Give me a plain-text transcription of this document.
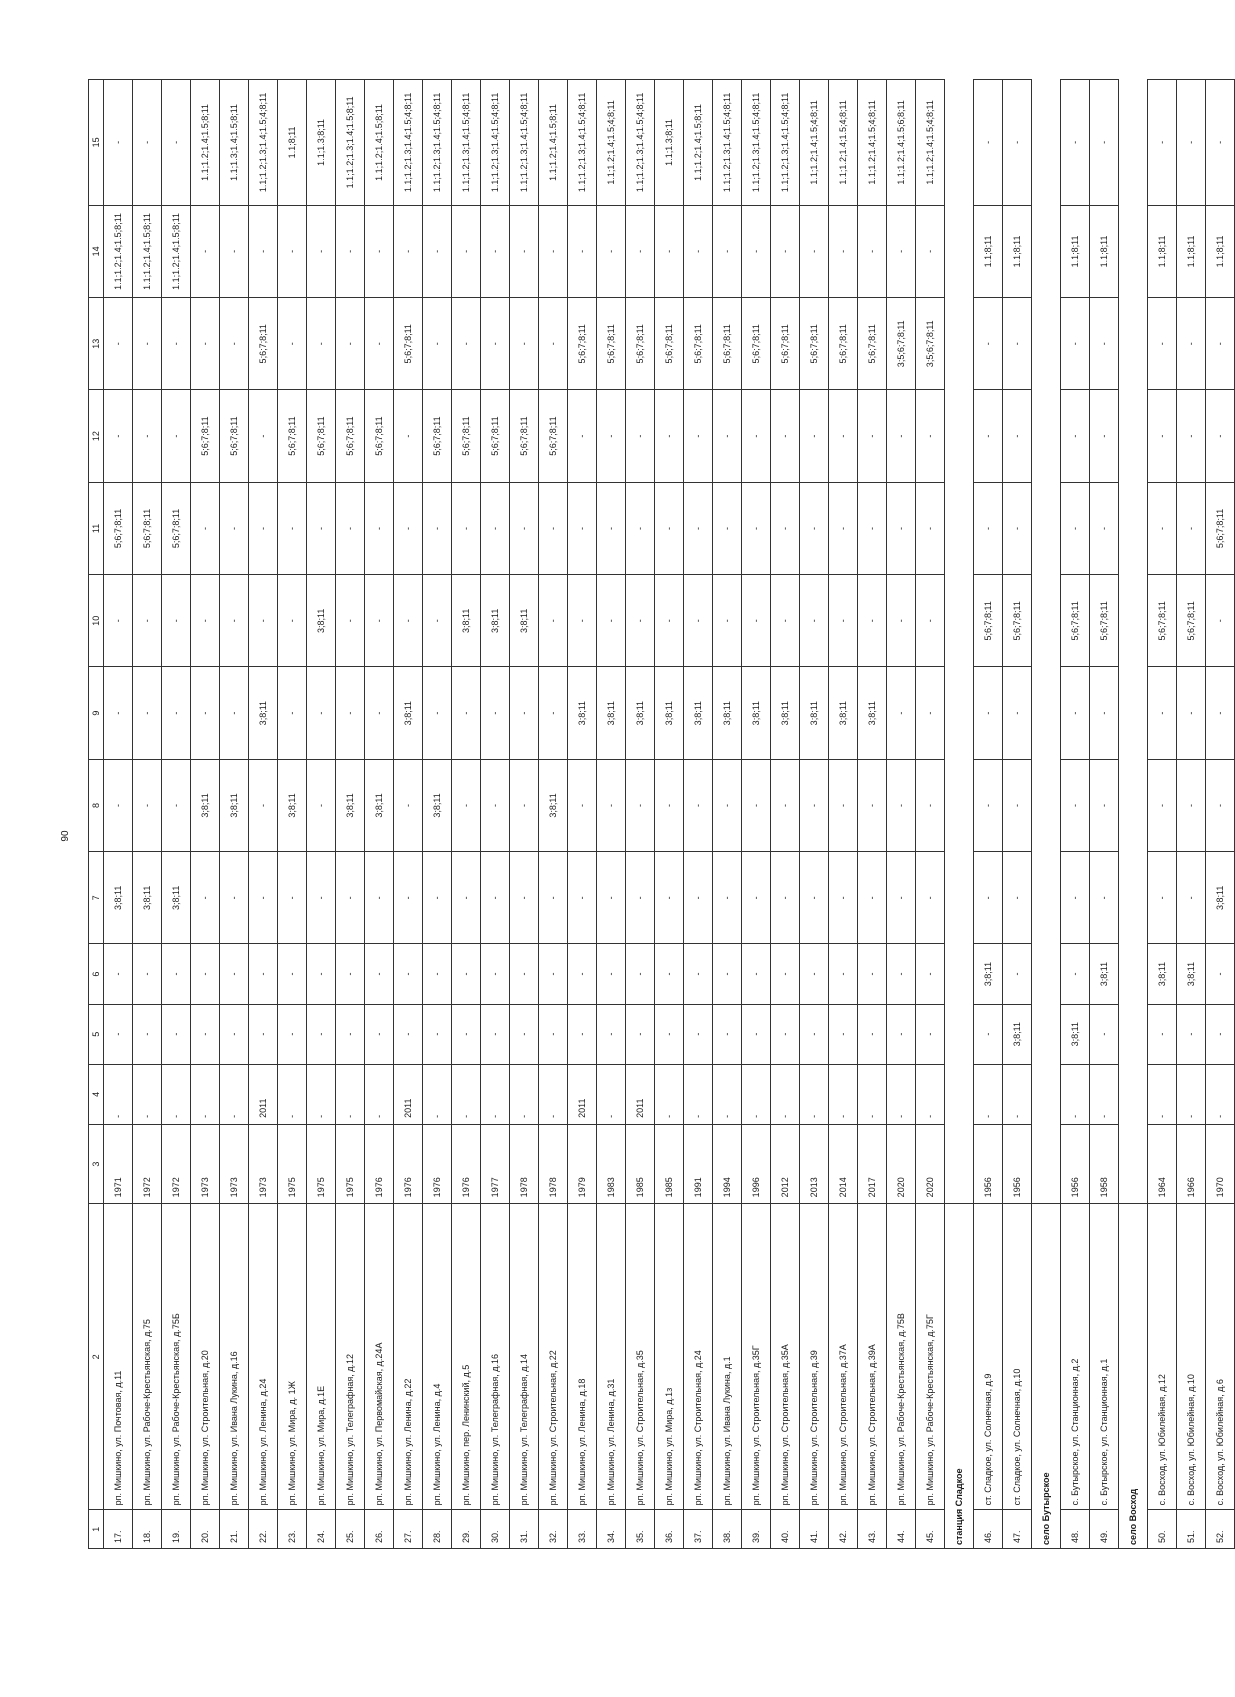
90
1	2	3	4	5	6	7	8	9	10	11	12	13	14	15
17.	рп. Мишкино, ул. Почтовая, д.11	1971	-	-	-	3;8;11	-	-	-	5;6;7;8;11	-	-	1.1;1.2;1.4;1.5;8;11	-
18.	рп. Мишкино, ул. Рабоче-Крестьянская, д.75	1972	-	-	-	3;8;11	-	-	-	5;6;7;8;11	-	-	1.1;1.2;1.4;1.5;8;11	-
19.	рп. Мишкино, ул. Рабоче-Крестьянская, д.75Б	1972	-	-	-	3;8;11	-	-	-	5;6;7;8;11	-	-	1.1;1.2;1.4;1.5;8;11	-
20.	рп. Мишкино, ул. Строительная, д.20	1973	-	-	-	-	3;8;11	-	-	-	5;6;7;8;11	-	-	1.1;1.2;1.4;1.5;8;11
21.	рп. Мишкино, ул. Ивана Лукина, д.16	1973	-	-	-	-	3;8;11	-	-	-	5;6;7;8;11	-	-	1.1;1.3;1.4;1.5;8;11
22.	рп. Мишкино, ул. Ленина, д.24	1973	2011	-	-	-	-	3;8;11	-	-	-	5;6;7;8;11	-	1.1;1.2;1.3;1.4;1.5;4;8;11
23.	рп. Мишкино, ул. Мира, д. 1Ж	1975	-	-	-	-	3;8;11	-	-	-	5;6;7;8;11	-	-	1.1;8;11
24.	рп. Мишкино, ул. Мира, д.1Е	1975	-	-	-	-	-	-	3;8;11	-	5;6;7;8;11	-	-	1.1;1.3;8;11
25.	рп. Мишкино, ул. Телеграфная, д.12	1975	-	-	-	-	3;8;11	-	-	-	5;6;7;8;11	-	-	1.1;1.2;1.3;1.4;1.5;8;11
26.	рп. Мишкино, ул. Первомайская, д.24А	1976	-	-	-	-	3;8;11	-	-	-	5;6;7;8;11	-	-	1.1;1.2;1.4;1.5;8;11
27.	рп. Мишкино, ул. Ленина, д.22	1976	2011	-	-	-	-	3;8;11	-	-	-	5;6;7;8;11	-	1.1;1.2;1.3;1.4;1.5;4;8;11
28.	рп. Мишкино, ул. Ленина, д.4	1976	-	-	-	-	3;8;11	-	-	-	5;6;7;8;11	-	-	1.1;1.2;1.3;1.4;1.5;4;8;11
29.	рп. Мишкино, пер. Ленинский, д.5	1976	-	-	-	-	-	-	3;8;11	-	5;6;7;8;11	-	-	1.1;1.2;1.3;1.4;1.5;4;8;11
30.	рп. Мишкино, ул. Телеграфная, д.16	1977	-	-	-	-	-	-	3;8;11	-	5;6;7;8;11	-	-	1.1;1.2;1.3;1.4;1.5;4;8;11
31.	рп. Мишкино, ул. Телеграфная, д.14	1978	-	-	-	-	-	-	3;8;11	-	5;6;7;8;11	-	-	1.1;1.2;1.3;1.4;1.5;4;8;11
32.	рп. Мишкино, ул. Строительная, д.22	1978	-	-	-	-	3;8;11	-	-	-	5;6;7;8;11	-	-	1.1;1.2;1.4;1.5;8;11
33.	рп. Мишкино, ул. Ленина, д.18	1979	2011	-	-	-	-	3;8;11	-	-	-	5;6;7;8;11	-	1.1;1.2;1.3;1.4;1.5;4;8;11
34.	рп. Мишкино, ул. Ленина, д.31	1983	-	-	-	-	-	3;8;11	-	-	-	5;6;7;8;11	-	1.1;1.2;1.4;1.5;4;8;11
35.	рп. Мишкино, ул. Строительная, д.35	1985	2011	-	-	-	-	3;8;11	-	-	-	5;6;7;8;11	-	1.1;1.2;1.3;1.4;1.5;4;8;11
36.	рп. Мишкино, ул. Мира, д.1з	1985	-	-	-	-	-	3;8;11	-	-	-	5;6;7;8;11	-	1.1;1.3;8;11
37.	рп. Мишкино, ул. Строительная, д.24	1991	-	-	-	-	-	3;8;11	-	-	-	5;6;7;8;11	-	1.1;1.2;1.4;1.5;8;11
38.	рп. Мишкино, ул. Ивана Лукина, д.1	1994	-	-	-	-	-	3;8;11	-	-	-	5;6;7;8;11	-	1.1;1.2;1.3;1.4;1.5;4;8;11
39.	рп. Мишкино, ул. Строительная, д.35Г	1996	-	-	-	-	-	3;8;11	-	-	-	5;6;7;8;11	-	1.1;1.2;1.3;1.4;1.5;4;8;11
40.	рп. Мишкино, ул. Строительная, д.35А	2012	-	-	-	-	-	3;8;11	-	-	-	5;6;7;8;11	-	1.1;1.2;1.3;1.4;1.5;4;8;11
41.	рп. Мишкино, ул. Строительная, д.39	2013	-	-	-	-	-	3;8;11	-	-	-	5;6;7;8;11	-	1.1;1.2;1.4;1.5;4;8;11
42.	рп. Мишкино, ул. Строительная, д.37А	2014	-	-	-	-	-	3;8;11	-	-	-	5;6;7;8;11	-	1.1;1.2;1.4;1.5;4;8;11
43.	рп. Мишкино, ул. Строительная, д.39А	2017	-	-	-	-	-	3;8;11	-	-	-	5;6;7;8;11	-	1.1;1.2;1.4;1.5;4;8;11
44.	рп. Мишкино, ул. Рабоче-Крестьянская, д.75В	2020	-	-	-	-	-	-	-	-	-	3;5;6;7;8;11	-	1.1;1.2;1.4;1.5;6;8;11
45.	рп. Мишкино, ул. Рабоче-Крестьянская, д.75Г	2020	-	-	-	-	-	-	-	-	-	3;5;6;7;8;11	-	1.1;1.2;1.4;1.5;4;8;11
станция Сладкое														
46.	ст. Сладкое, ул. Солнечная, д.9	1956	-	-	3;8;11	-	-	-	5;6;7;8;11	-	-	-	1.1;8;11	-
47.	ст. Сладкое, ул. Солнечная, д.10	1956	-	3;8;11	-	-	-	-	5;6;7;8;11	-	-	-	1.1;8;11	-
село Бутырское														
48.	с. Бутырское, ул. Станционная, д.2	1956	-	3;8;11	-	-	-	-	5;6;7;8;11	-	-	-	1.1;8;11	-
49.	с. Бутырское, ул. Станционная, д.1	1958	-	-	3;8;11	-	-	-	5;6;7;8;11	-	-	-	1.1;8;11	-
село Восход														
50.	с. Восход, ул. Юбилейная, д.12	1964	-	-	3;8;11	-	-	-	5;6;7;8;11	-	-	-	1.1;8;11	-
51.	с. Восход, ул. Юбилейная, д.10	1966	-	-	3;8;11	-	-	-	5;6;7;8;11	-	-	-	1.1;8;11	-
52.	с. Восход, ул. Юбилейная, д.6	1970	-	-	-	3;8;11	-	-	-	5;6;7;8;11	-	-	1.1;8;11	-
